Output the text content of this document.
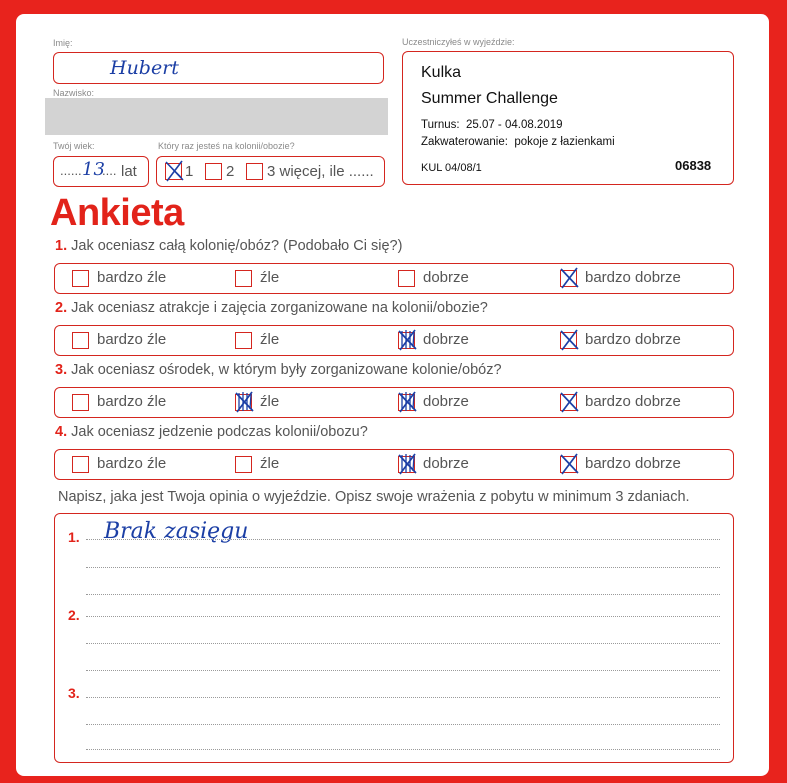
Imię:
Hubert
Nazwisko:
Twój wiek:
...... 13
.... lat
Który raz jesteś na kolonii/obozie?
1 2 3 więcej, ile ......
Uczestniczyłeś w wyjeździe:
Kulka
Summer Challenge
Turnus: 25.07 - 04.08.2019
Zakwaterowanie: pokoje z łazienkami
KUL 04/08/1	06838
Ankieta
1. Jak oceniasz całą kolonię/obóz? (Podobało Ci się?)
bardzo źle	źle	dobrze	bardzo dobrze
2. Jak oceniasz atrakcje i zajęcia zorganizowane na kolonii/obozie?
bardzo źle	źle	dobrze	bardzo dobrze
3. Jak oceniasz ośrodek, w którym były zorganizowane kolonie/obóz?
bardzo źle	źle	dobrze	bardzo dobrze
4. Jak oceniasz jedzenie podczas kolonii/obozu?
bardzo źle	źle	dobrze	bardzo dobrze
Napisz, jaka jest Twoja opinia o wyjeździe. Opisz swoje wrażenia z pobytu w minimum 3 zdaniach.
1. Brak zasięgu
2.
3.
